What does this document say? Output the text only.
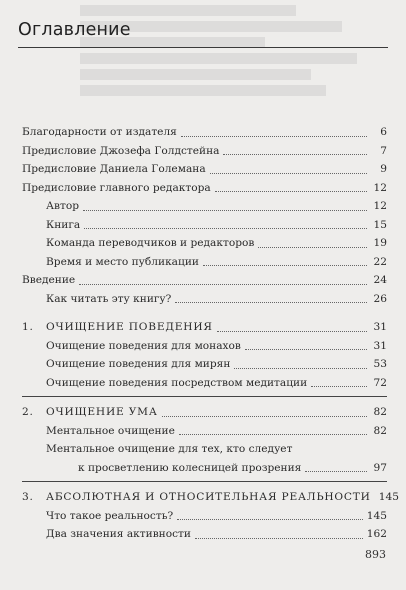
Оглавление
Благодарности от издателя	6
Предисловие Джозефа Голдстейна	7
Предисловие Даниела Големана	9
Предисловие главного редактора	12
Автор	12
Книга	15
Команда переводчиков и редакторов	19
Время и место публикации	22
Введение	24
Как читать эту книгу?	26
1. ОЧИЩЕНИЕ ПОВЕДЕНИЯ	31
Очищение поведения для монахов	31
Очищение поведения для мирян	53
Очищение поведения посредством медитации	72
2. ОЧИЩЕНИЕ УМА	82
Ментальное очищение	82
Ментальное очищение для тех, кто следует
к просветлению колесницей прозрения	97
3. АБСОЛЮТНАЯ И ОТНОСИТЕЛЬНАЯ РЕАЛЬНОСТИ 145
Что такое реальность?	145
Два значения активности	162
893
